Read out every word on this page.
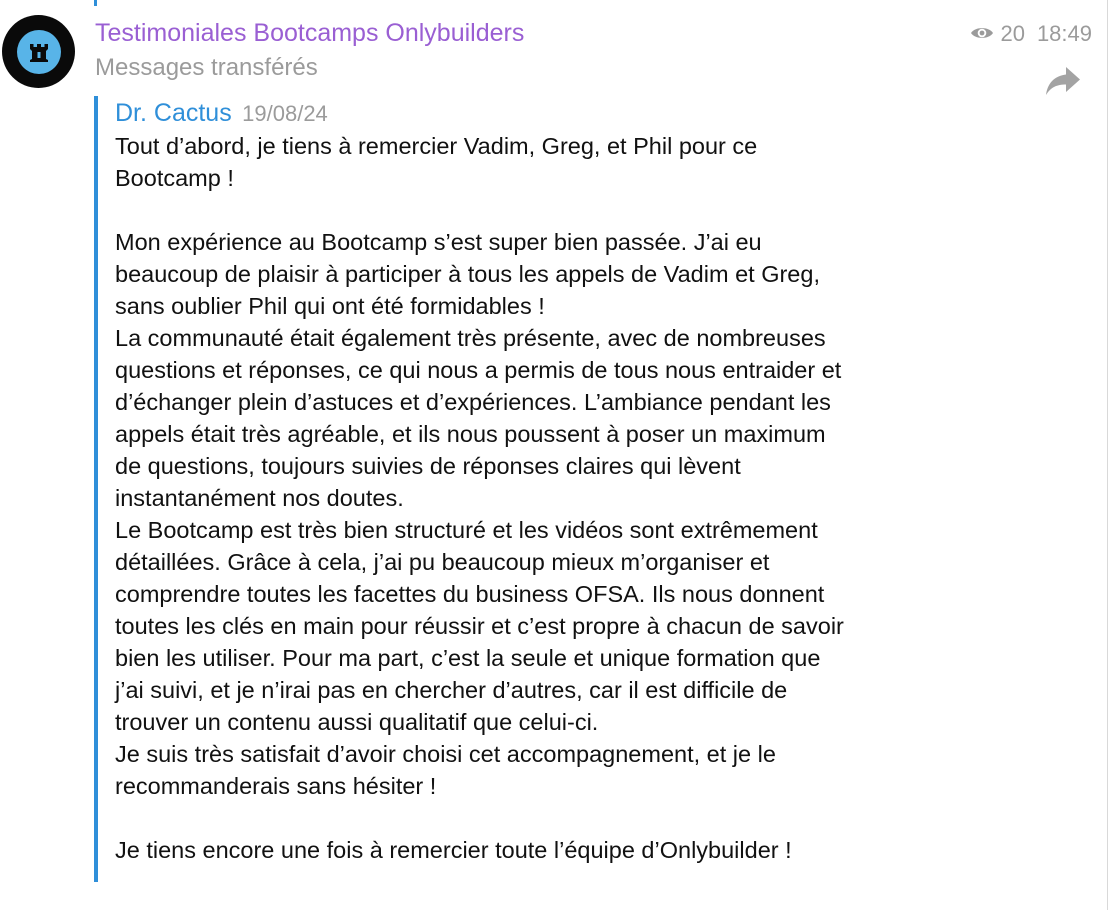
Testimoniales Bootcamps Onlybuilders
Messages transférés
20 18:49
Dr. Cactus 19/08/24
Tout d’abord, je tiens à remercier Vadim, Greg, et Phil pour ce
Bootcamp !
Mon expérience au Bootcamp s’est super bien passée. J’ai eu
beaucoup de plaisir à participer à tous les appels de Vadim et Greg,
sans oublier Phil qui ont été formidables !
La communauté était également très présente, avec de nombreuses
questions et réponses, ce qui nous a permis de tous nous entraider et
d’échanger plein d’astuces et d’expériences. L’ambiance pendant les
appels était très agréable, et ils nous poussent à poser un maximum
de questions, toujours suivies de réponses claires qui lèvent
instantanément nos doutes.
Le Bootcamp est très bien structuré et les vidéos sont extrêmement
détaillées. Grâce à cela, j’ai pu beaucoup mieux m’organiser et
comprendre toutes les facettes du business OFSA. Ils nous donnent
toutes les clés en main pour réussir et c’est propre à chacun de savoir
bien les utiliser. Pour ma part, c’est la seule et unique formation que
j’ai suivi, et je n’irai pas en chercher d’autres, car il est difficile de
trouver un contenu aussi qualitatif que celui-ci.
Je suis très satisfait d’avoir choisi cet accompagnement, et je le
recommanderais sans hésiter !
Je tiens encore une fois à remercier toute l’équipe d’Onlybuilder !
